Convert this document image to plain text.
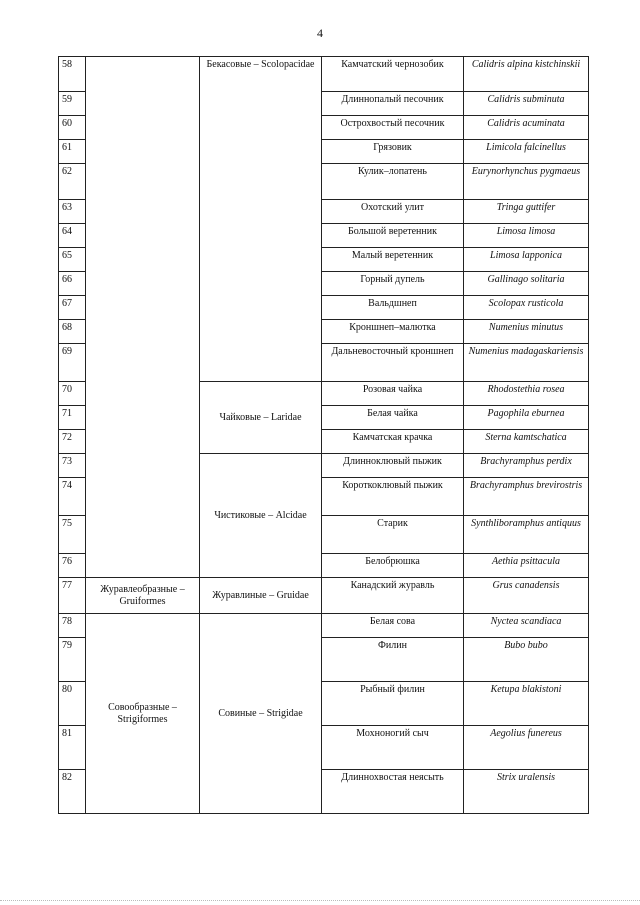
4
58		Бекасовые – Scolopacidae	Камчатский чернозобик	Calidris alpina kistchinskii
59			Длиннопалый песочник	Calidris subminuta
60			Острохвостый песочник	Calidris acuminata
61			Грязовик	Limicola falcinellus
62			Кулик–лопатень	Eurynorhynchus pygmaeus
63			Охотский улит	Tringa guttifer
64			Большой веретенник	Limosa limosa
65			Малый веретенник	Limosa lapponica
66			Горный дупель	Gallinago solitaria
67			Вальдшнеп	Scolopax rusticola
68			Кроншнеп–малютка	Numenius minutus
69			Дальневосточный кроншнеп	Numenius madagaskariensis
70		Чайковые – Laridae	Розовая чайка	Rhodostethia rosea
71			Белая чайка	Pagophila eburnea
72			Камчатская крачка	Sterna kamtschatica
73		Чистиковые – Alcidae	Длинноклювый пыжик	Brachyramphus perdix
74			Короткоклювый пыжик	Brachyramphus brevirostris
75			Старик	Synthliboramphus antiquus
76			Белобрюшка	Aethia psittacula
77	Журавлеобразные – Gruiformes	Журавлиные – Gruidae	Канадский журавль	Grus canadensis
78	Совообразные – Strigiformes	Совиные – Strigidae	Белая сова	Nyctea scandiaca
79			Филин	Bubo bubo
80			Рыбный филин	Ketupa blakistoni
81			Мохноногий сыч	Aegolius funereus
82			Длиннохвостая неясыть	Strix uralensis
